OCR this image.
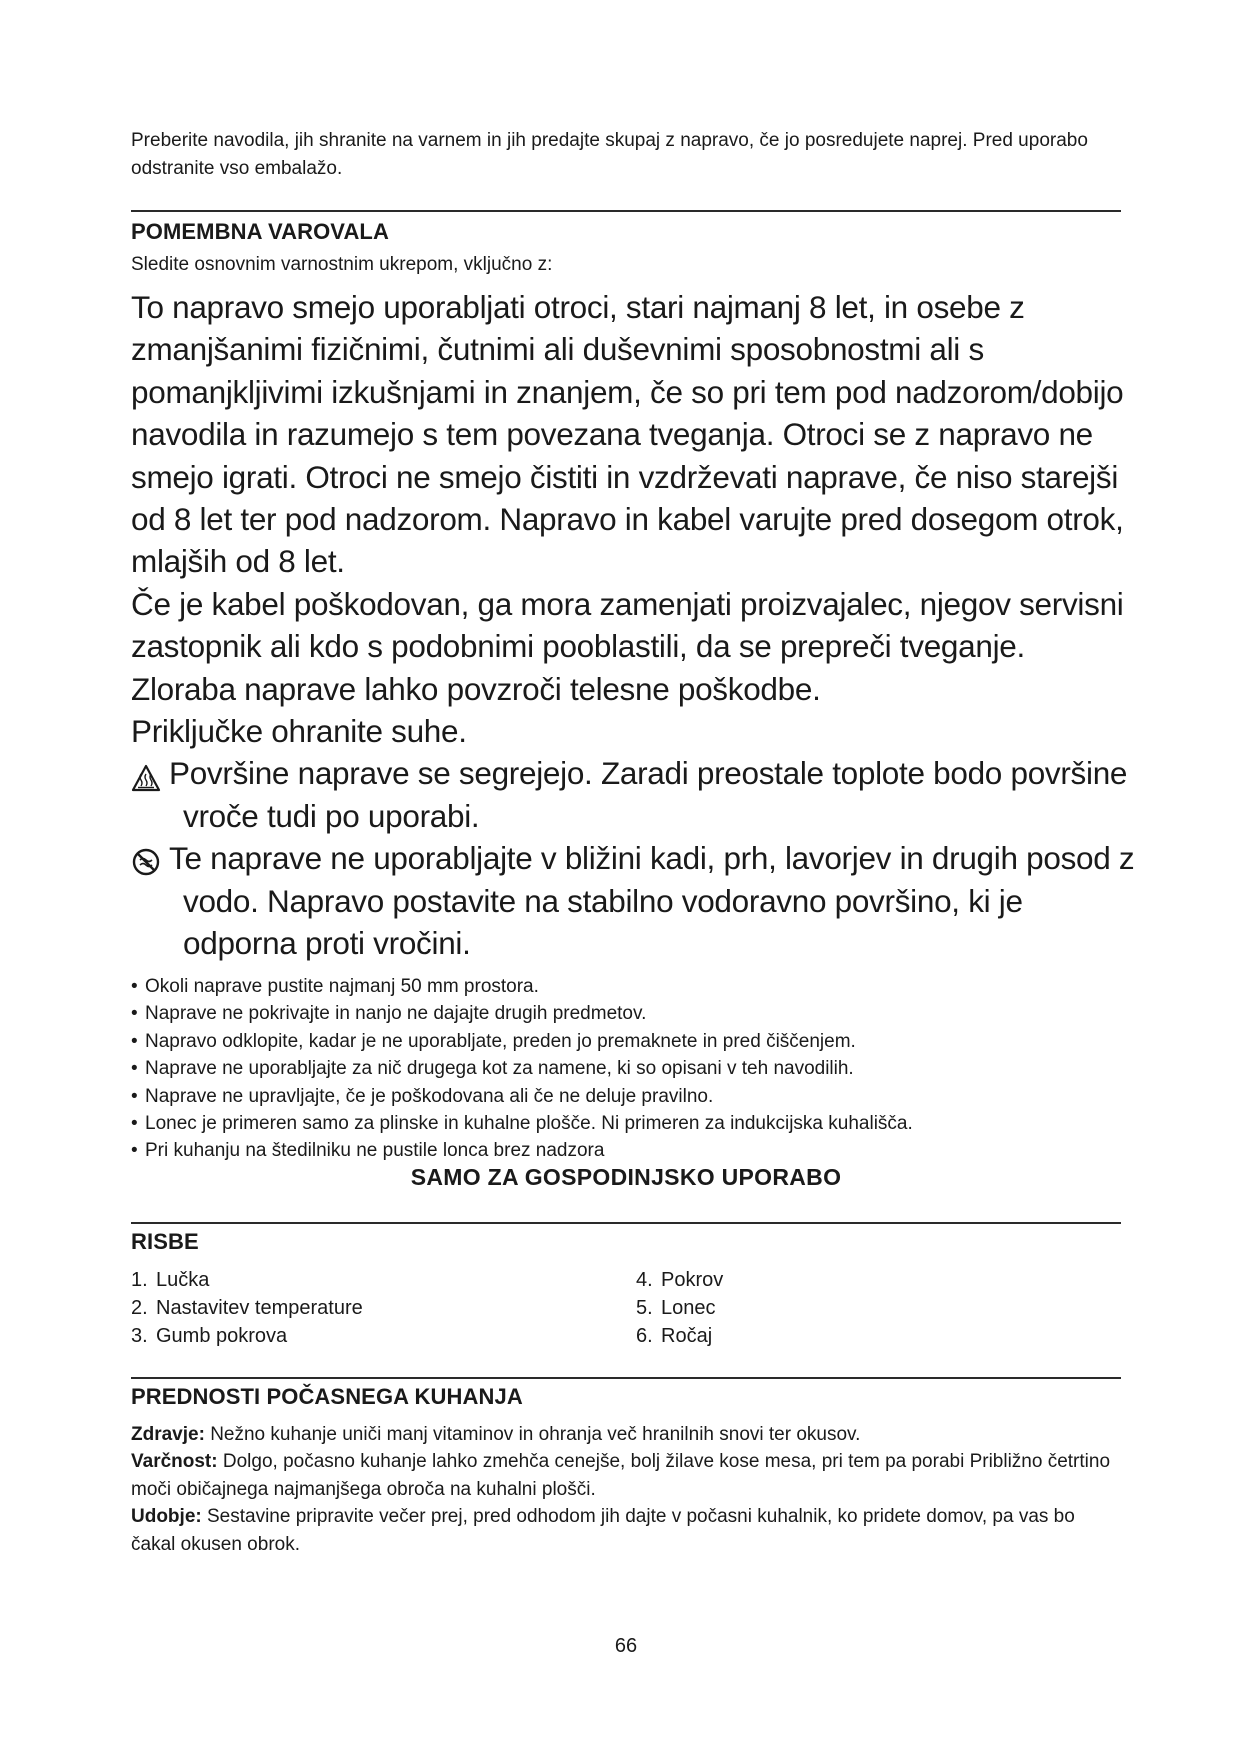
Preberite navodila, jih shranite na varnem in jih predajte skupaj z napravo, če jo posredujete naprej. Pred uporabo odstranite vso embalažo.
POMEMBNA VAROVALA
Sledite osnovnim varnostnim ukrepom, vključno z:

To napravo smejo uporabljati otroci, stari najmanj 8 let, in osebe z zmanjšanimi fizičnimi, čutnimi ali duševnimi sposobnostmi ali s pomanjkljivimi izkušnjami in znanjem, če so pri tem pod nadzorom/dobijo navodila in razumejo s tem povezana tveganja. Otroci se z napravo ne smejo igrati. Otroci ne smejo čistiti in vzdrževati naprave, če niso starejši od 8 let ter pod nadzorom. Napravo in kabel varujte pred dosegom otrok, mlajših od 8 let.

Če je kabel poškodovan, ga mora zamenjati proizvajalec, njegov servisni zastopnik ali kdo s podobnimi pooblastili, da se prepreči tveganje.

Zloraba naprave lahko povzroči telesne poškodbe.

Priključke ohranite suhe.

Površine naprave se segrejejo. Zaradi preostale toplote bodo površine
vroče tudi po uporabi.
Te naprave ne uporabljajte v bližini kadi, prh, lavorjev in drugih posod z
vodo. Napravo postavite na stabilno vodoravno površino, ki je odporna proti vročini.
• Okoli naprave pustite najmanj 50 mm prostora.
• Naprave ne pokrivajte in nanjo ne dajajte drugih predmetov.
• Napravo odklopite, kadar je ne uporabljate, preden jo premaknete in pred čiščenjem.
• Naprave ne uporabljajte za nič drugega kot za namene, ki so opisani v teh navodilih.
• Naprave ne upravljajte, če je poškodovana ali če ne deluje pravilno.
• Lonec je primeren samo za plinske in kuhalne plošče. Ni primeren za indukcijska kuhališča.
• Pri kuhanju na štedilniku ne pustile lonca brez nadzora
SAMO ZA GOSPODINJSKO UPORABO
RISBE
1. Lučka
2. Nastavitev temperature
3. Gumb pokrova
4. Pokrov
5. Lonec
6. Ročaj
PREDNOSTI POČASNEGA KUHANJA

Zdravje: Nežno kuhanje uniči manj vitaminov in ohranja več hranilnih snovi ter okusov.

Varčnost: Dolgo, počasno kuhanje lahko zmehča cenejše, bolj žilave kose mesa, pri tem pa porabi Približno četrtino moči običajnega najmanjšega obroča na kuhalni plošči.

Udobje: Sestavine pripravite večer prej, pred odhodom jih dajte v počasni kuhalnik, ko pridete domov, pa vas bo čakal okusen obrok.

66
